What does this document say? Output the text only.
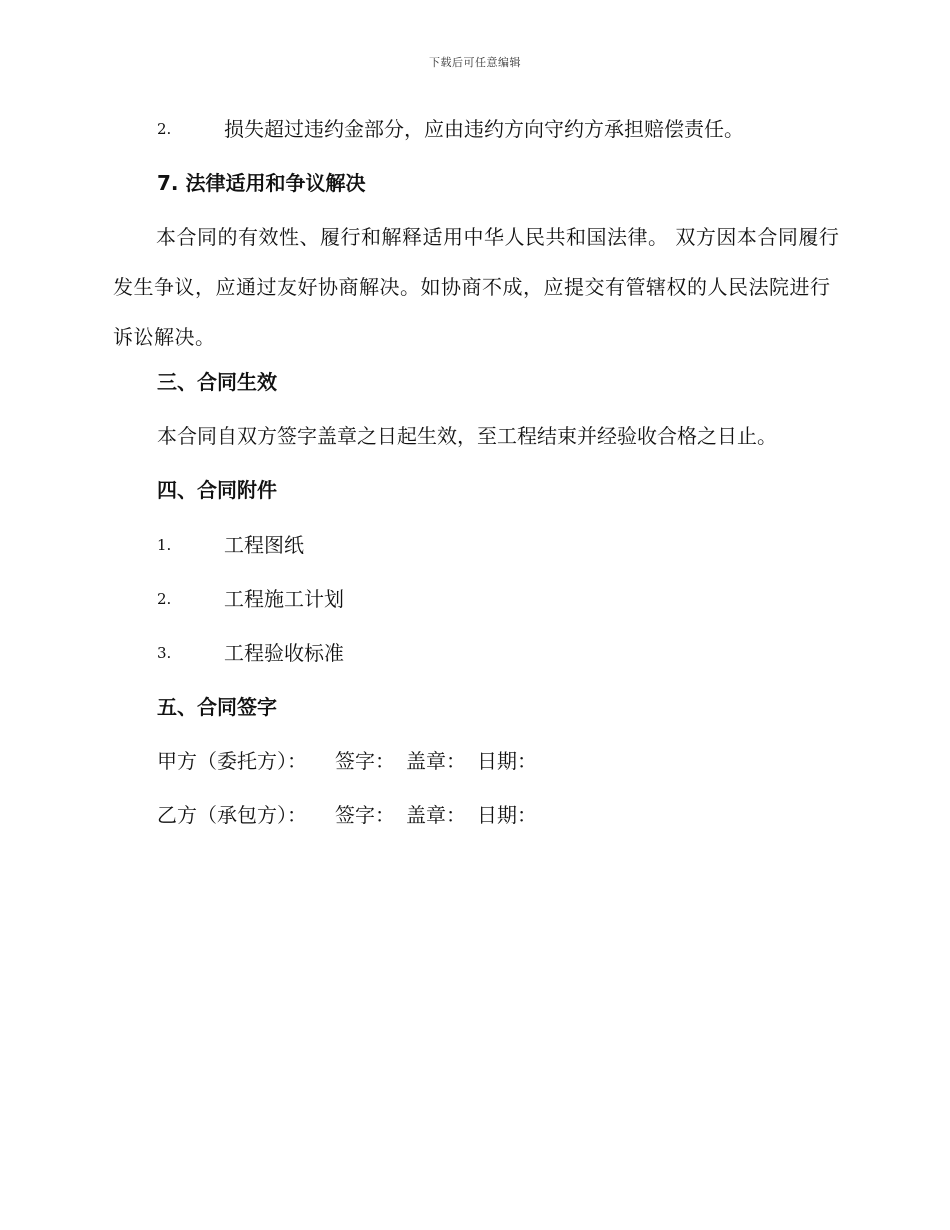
下载后可任意编辑
2.	损失超过违约金部分，应由违约方向守约方承担赔偿责任。
7. 法律适用和争议解决
本合同的有效性、履行和解释适用中华人民共和国法律。 双方因本合同履行发生争议，应通过友好协商解决。如协商不成，应提交有管辖权的人民法院进行诉讼解决。
三、合同生效
本合同自双方签字盖章之日起生效，至工程结束并经验收合格之日止。
四、合同附件
1.	工程图纸
2.	工程施工计划
3.	工程验收标准
五、合同签字
甲方（委托方）： 签字： 盖章： 日期：
乙方（承包方）： 签字： 盖章： 日期：
